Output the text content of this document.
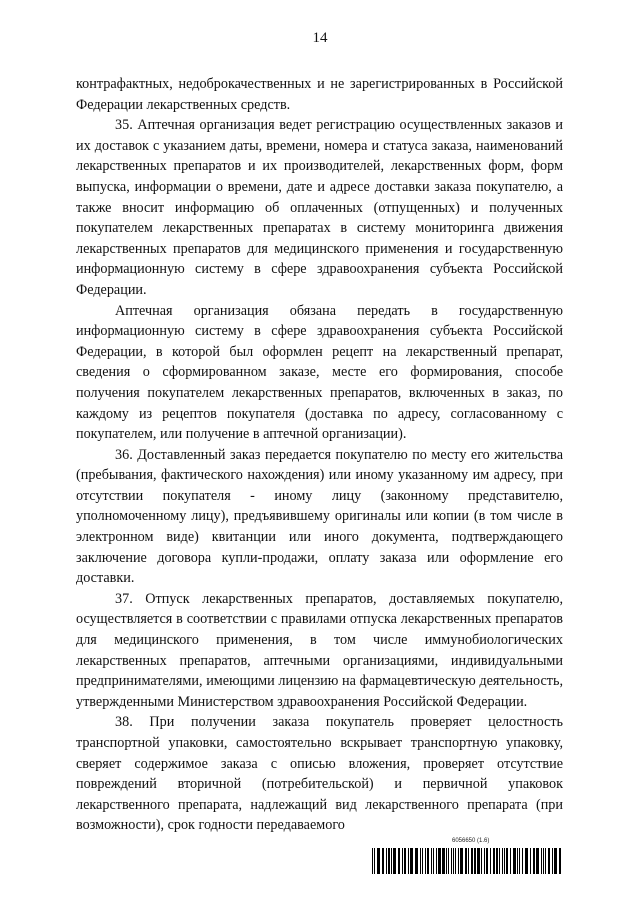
14

контрафактных, недоброкачественных и не зарегистрированных в Российской Федерации лекарственных средств.

35. Аптечная организация ведет регистрацию осуществленных заказов и их доставок с указанием даты, времени, номера и статуса заказа, наименований лекарственных препаратов и их производителей, лекарственных форм, форм выпуска, информации о времени, дате и адресе доставки заказа покупателю, а также вносит информацию об оплаченных (отпущенных) и полученных покупателем лекарственных препаратах в систему мониторинга движения лекарственных препаратов для медицинского применения и государственную информационную систему в сфере здравоохранения субъекта Российской Федерации.

Аптечная организация обязана передать в государственную информационную систему в сфере здравоохранения субъекта Российской Федерации, в которой был оформлен рецепт на лекарственный препарат, сведения о сформированном заказе, месте его формирования, способе получения покупателем лекарственных препаратов, включенных в заказ, по каждому из рецептов покупателя (доставка по адресу, согласованному с покупателем, или получение в аптечной организации).

36. Доставленный заказ передается покупателю по месту его жительства (пребывания, фактического нахождения) или иному указанному им адресу, при отсутствии покупателя - иному лицу (законному представителю, уполномоченному лицу), предъявившему оригиналы или копии (в том числе в электронном виде) квитанции или иного документа, подтверждающего заключение договора купли-продажи, оплату заказа или оформление его доставки.

37. Отпуск лекарственных препаратов, доставляемых покупателю, осуществляется в соответствии с правилами отпуска лекарственных препаратов для медицинского применения, в том числе иммунобиологических лекарственных препаратов, аптечными организациями, индивидуальными предпринимателями, имеющими лицензию на фармацевтическую деятельность, утвержденными Министерством здравоохранения Российской Федерации.

38. При получении заказа покупатель проверяет целостность транспортной упаковки, самостоятельно вскрывает транспортную упаковку, сверяет содержимое заказа с описью вложения, проверяет отсутствие повреждений вторичной (потребительской) и первичной упаковок лекарственного препарата, надлежащий вид лекарственного препарата (при возможности), срок годности передаваемого

6056650 (1.6)
